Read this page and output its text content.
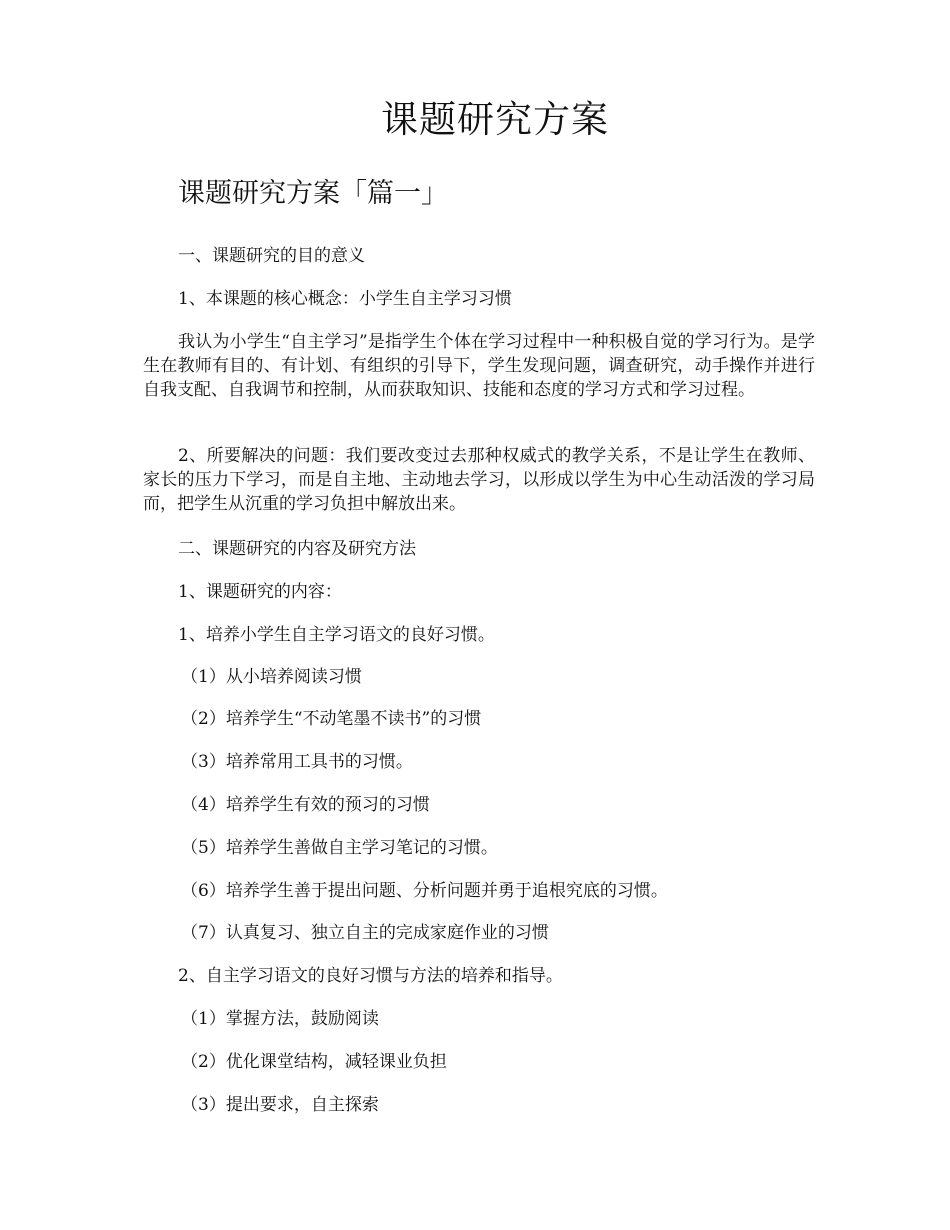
课题研究方案
课题研究方案「篇一」
一、课题研究的目的意义
1、本课题的核心概念：小学生自主学习习惯
我认为小学生“自主学习”是指学生个体在学习过程中一种积极自觉的学习行为。是学生在教师有目的、有计划、有组织的引导下，学生发现问题，调查研究，动手操作并进行自我支配、自我调节和控制，从而获取知识、技能和态度的学习方式和学习过程。
2、所要解决的问题：我们要改变过去那种权威式的教学关系，不是让学生在教师、家长的压力下学习，而是自主地、主动地去学习，以形成以学生为中心生动活泼的学习局而，把学生从沉重的学习负担中解放出来。
二、课题研究的内容及研究方法
1、课题研究的内容：
1、培养小学生自主学习语文的良好习惯。
（1）从小培养阅读习惯
（2）培养学生“不动笔墨不读书”的习惯
（3）培养常用工具书的习惯。
（4）培养学生有效的预习的习惯
（5）培养学生善做自主学习笔记的习惯。
（6）培养学生善于提出问题、分析问题并勇于追根究底的习惯。
（7）认真复习、独立自主的完成家庭作业的习惯
2、自主学习语文的良好习惯与方法的培养和指导。
（1）掌握方法，鼓励阅读
（2）优化课堂结构，减轻课业负担
（3）提出要求，自主探索
